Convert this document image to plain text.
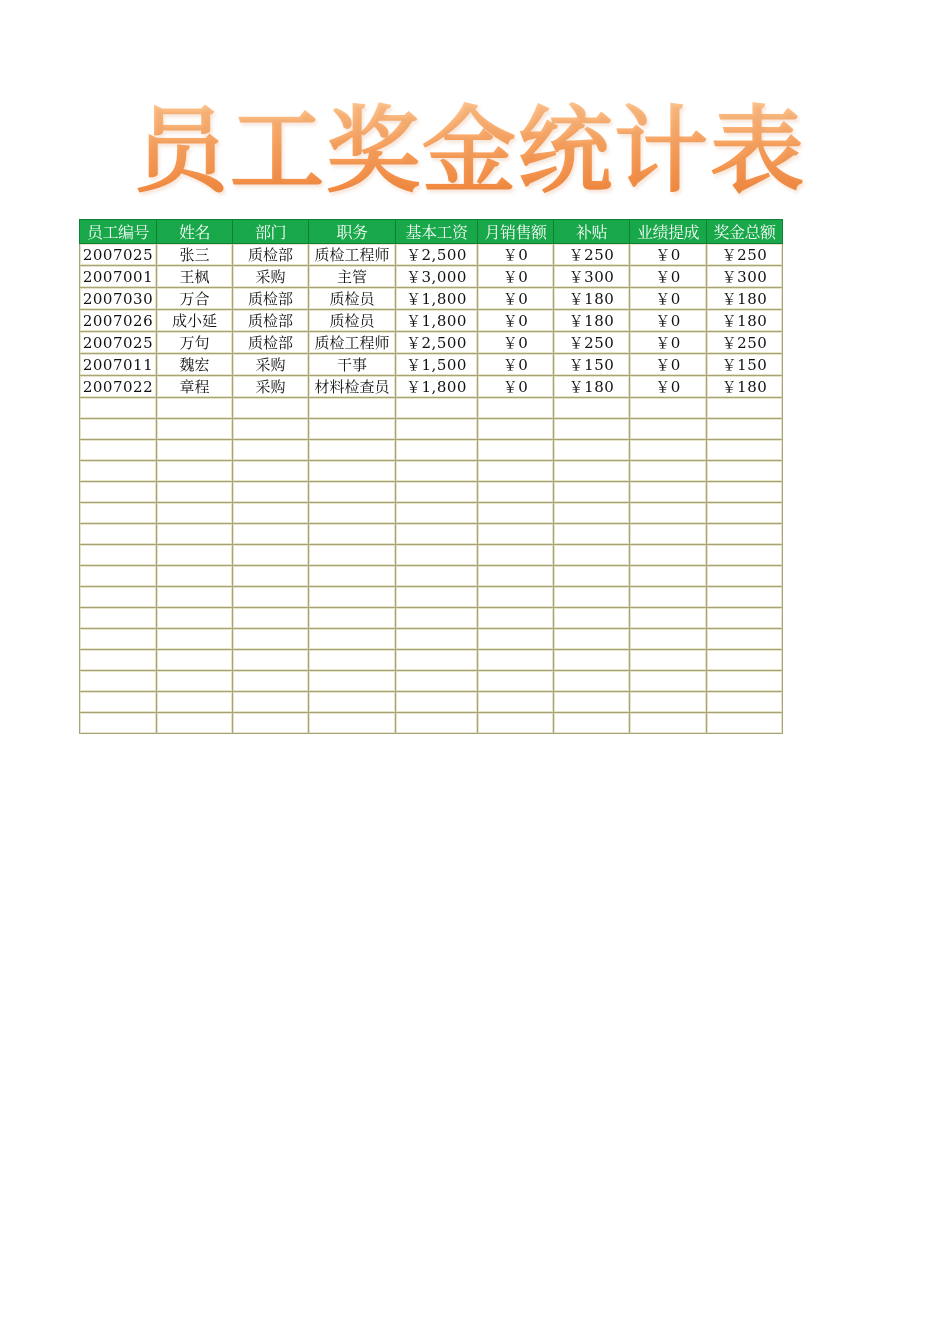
员工奖金统计表
员工编号	姓名	部门	职务	基本工资	月销售额	补贴	业绩提成	奖金总额
2007025	张三	质检部	质检工程师	￥2,500	￥0	￥250	￥0	￥250
2007001	王枫	采购	主管	￥3,000	￥0	￥300	￥0	￥300
2007030	万合	质检部	质检员	￥1,800	￥0	￥180	￥0	￥180
2007026	成小延	质检部	质检员	￥1,800	￥0	￥180	￥0	￥180
2007025	万句	质检部	质检工程师	￥2,500	￥0	￥250	￥0	￥250
2007011	魏宏	采购	干事	￥1,500	￥0	￥150	￥0	￥150
2007022	章程	采购	材料检查员	￥1,800	￥0	￥180	￥0	￥180
